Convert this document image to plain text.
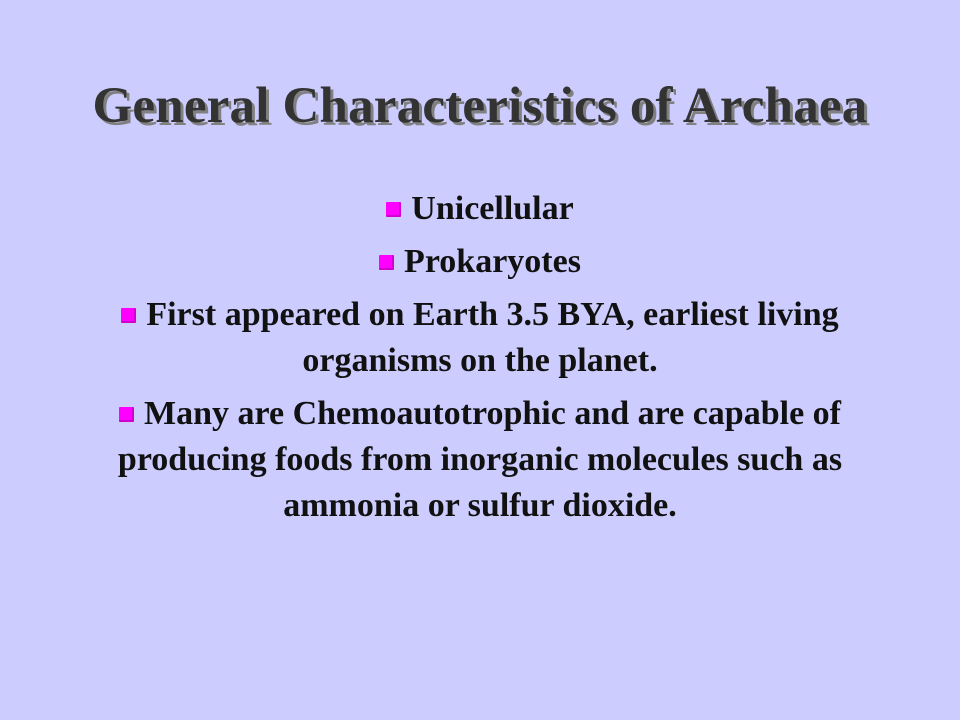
General Characteristics of Archaea
Unicellular
Prokaryotes
First appeared on Earth 3.5 BYA, earliest living organisms on the planet.
Many are Chemoautotrophic and are capable of producing foods from inorganic molecules such as ammonia or sulfur dioxide.
